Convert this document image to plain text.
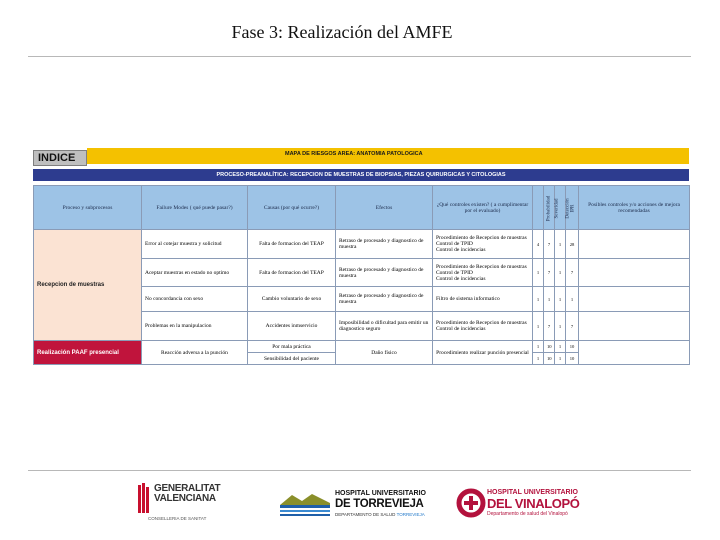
Fase 3: Realización del AMFE
INDICE	MAPA DE RIESGOS AREA: ANATOMIA PATOLOGICA
PROCESO-PREANALÍTICA: RECEPCION DE MUESTRAS DE BIOPSIAS, PIEZAS QUIRURGICAS Y CITOLOGIAS
Proceso y subprocesos	Failure Modes ( qué puede pasar?)	Causas (por qué ocurre?)	Efectos	¿Qué controles existen? ( a cumplimentar por el evaluado)	Probabilidad	Severidad	Detección	IPR	Posibles controles y/o acciones de mejora recomendadas
Recepcion de muestras	Error al cotejar muestra y solicitud	Falta de formacion del TEAP	Retraso de procesado y diagnostico de muestra	Procedimiento de Recepcion de muestras
Control de TPID
Control de incidencias	4	7	1	28	
	Aceptar muestras en estado no optimo	Falta de formacion del TEAP	Retraso de procesado y diagnostico de muestra	Procedimiento de Recepcion de muestras
Control de TPID
Control de incidencias	1	7	1	7	
	No concordancia con sexo	Cambio voluntario de sexo	Retraso de procesado y diagnostico de muestra	Filtro de sistema informatico	1	1	1	1	
	Problemas en la manipulacion	Accidentes inmservicio	Imposibilidad o dificultad para emitir un diagnostico seguro	Procedimiento de Recepcion de muestras
Control de incidencias	1	7	1	7	
Realización PAAF presencial	Reacción adversa a la punción	Por mala práctica	Daño físico	Procedimiento realizar punción presencial	1	10	1	10	
		Sensibilidad del paciente			1	10	1	10	
GENERALITAT
VALENCIANA
CONSELLERIA DE SANITAT
HOSPITAL UNIVERSITARIO
DE TORREVIEJA
DEPARTAMENTO DE SALUD TORREVIEJA
HOSPITAL UNIVERSITARIO
DEL VINALOPÓ
Departamento de salud del Vinalopó
